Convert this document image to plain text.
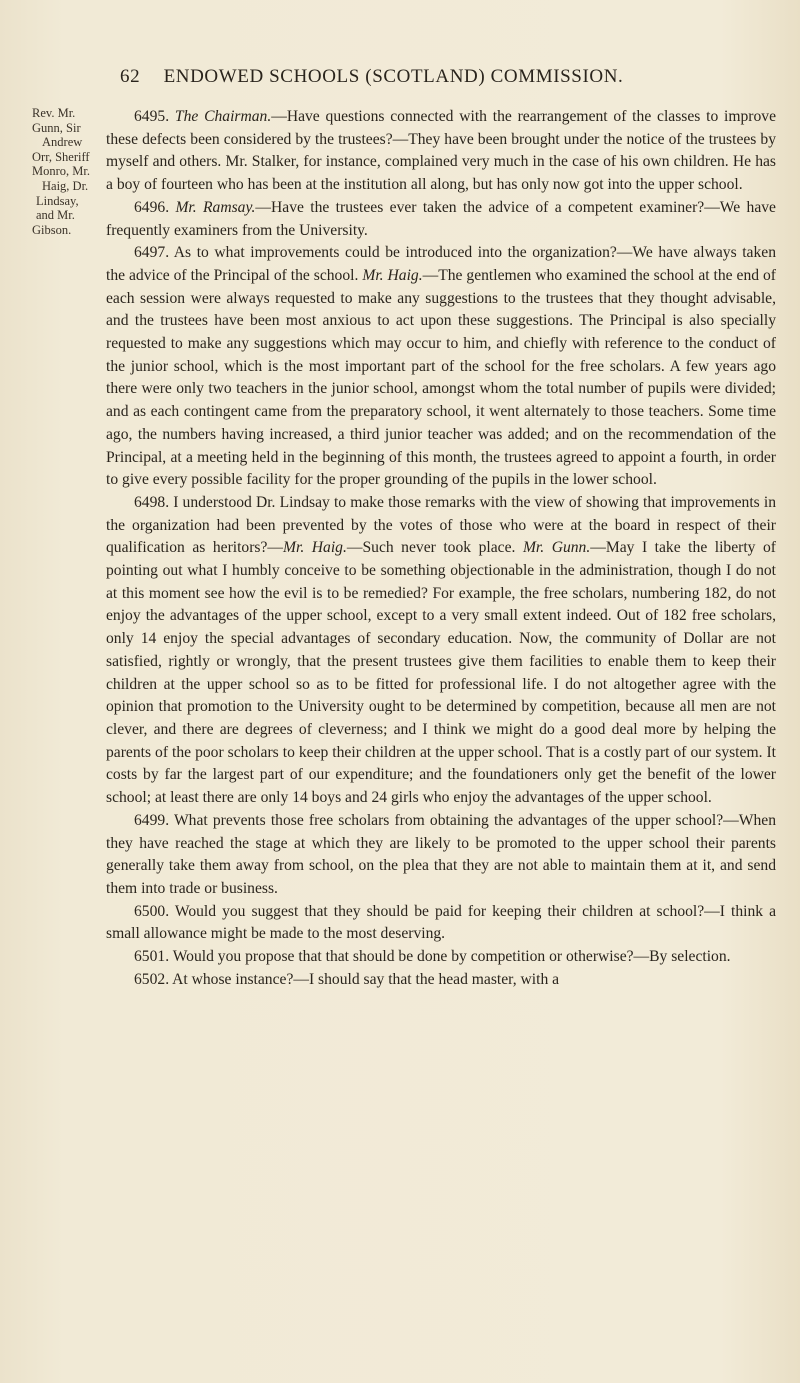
62 ENDOWED SCHOOLS (SCOTLAND) COMMISSION.
Rev. Mr.
Gunn, Sir
Andrew
Orr, Sheriff
Monro, Mr.
Haig, Dr.
Lindsay,
and Mr.
Gibson.

6495. The Chairman.—Have questions connected with the rearrangement of the classes to improve these defects been considered by the trustees?—They have been brought under the notice of the trustees by myself and others. Mr. Stalker, for instance, complained very much in the case of his own children. He has a boy of fourteen who has been at the institution all along, but has only now got into the upper school.

6496. Mr. Ramsay.—Have the trustees ever taken the advice of a competent examiner?—We have frequently examiners from the University.

6497. As to what improvements could be introduced into the organization?—We have always taken the advice of the Principal of the school. Mr. Haig.—The gentlemen who examined the school at the end of each session were always requested to make any suggestions to the trustees that they thought advisable, and the trustees have been most anxious to act upon these suggestions. The Principal is also specially requested to make any suggestions which may occur to him, and chiefly with reference to the conduct of the junior school, which is the most important part of the school for the free scholars. A few years ago there were only two teachers in the junior school, amongst whom the total number of pupils were divided; and as each contingent came from the preparatory school, it went alternately to those teachers. Some time ago, the numbers having increased, a third junior teacher was added; and on the recommendation of the Principal, at a meeting held in the beginning of this month, the trustees agreed to appoint a fourth, in order to give every possible facility for the proper grounding of the pupils in the lower school.

6498. I understood Dr. Lindsay to make those remarks with the view of showing that improvements in the organization had been prevented by the votes of those who were at the board in respect of their qualification as heritors?—Mr. Haig.—Such never took place. Mr. Gunn.—May I take the liberty of pointing out what I humbly conceive to be something objectionable in the administration, though I do not at this moment see how the evil is to be remedied? For example, the free scholars, numbering 182, do not enjoy the advantages of the upper school, except to a very small extent indeed. Out of 182 free scholars, only 14 enjoy the special advantages of secondary education. Now, the community of Dollar are not satisfied, rightly or wrongly, that the present trustees give them facilities to enable them to keep their children at the upper school so as to be fitted for professional life. I do not altogether agree with the opinion that promotion to the University ought to be determined by competition, because all men are not clever, and there are degrees of cleverness; and I think we might do a good deal more by helping the parents of the poor scholars to keep their children at the upper school. That is a costly part of our system. It costs by far the largest part of our expenditure; and the foundationers only get the benefit of the lower school; at least there are only 14 boys and 24 girls who enjoy the advantages of the upper school.

6499. What prevents those free scholars from obtaining the advantages of the upper school?—When they have reached the stage at which they are likely to be promoted to the upper school their parents generally take them away from school, on the plea that they are not able to maintain them at it, and send them into trade or business.

6500. Would you suggest that they should be paid for keeping their children at school?—I think a small allowance might be made to the most deserving.

6501. Would you propose that that should be done by competition or otherwise?—By selection.

6502. At whose instance?—I should say that the head master, with a
